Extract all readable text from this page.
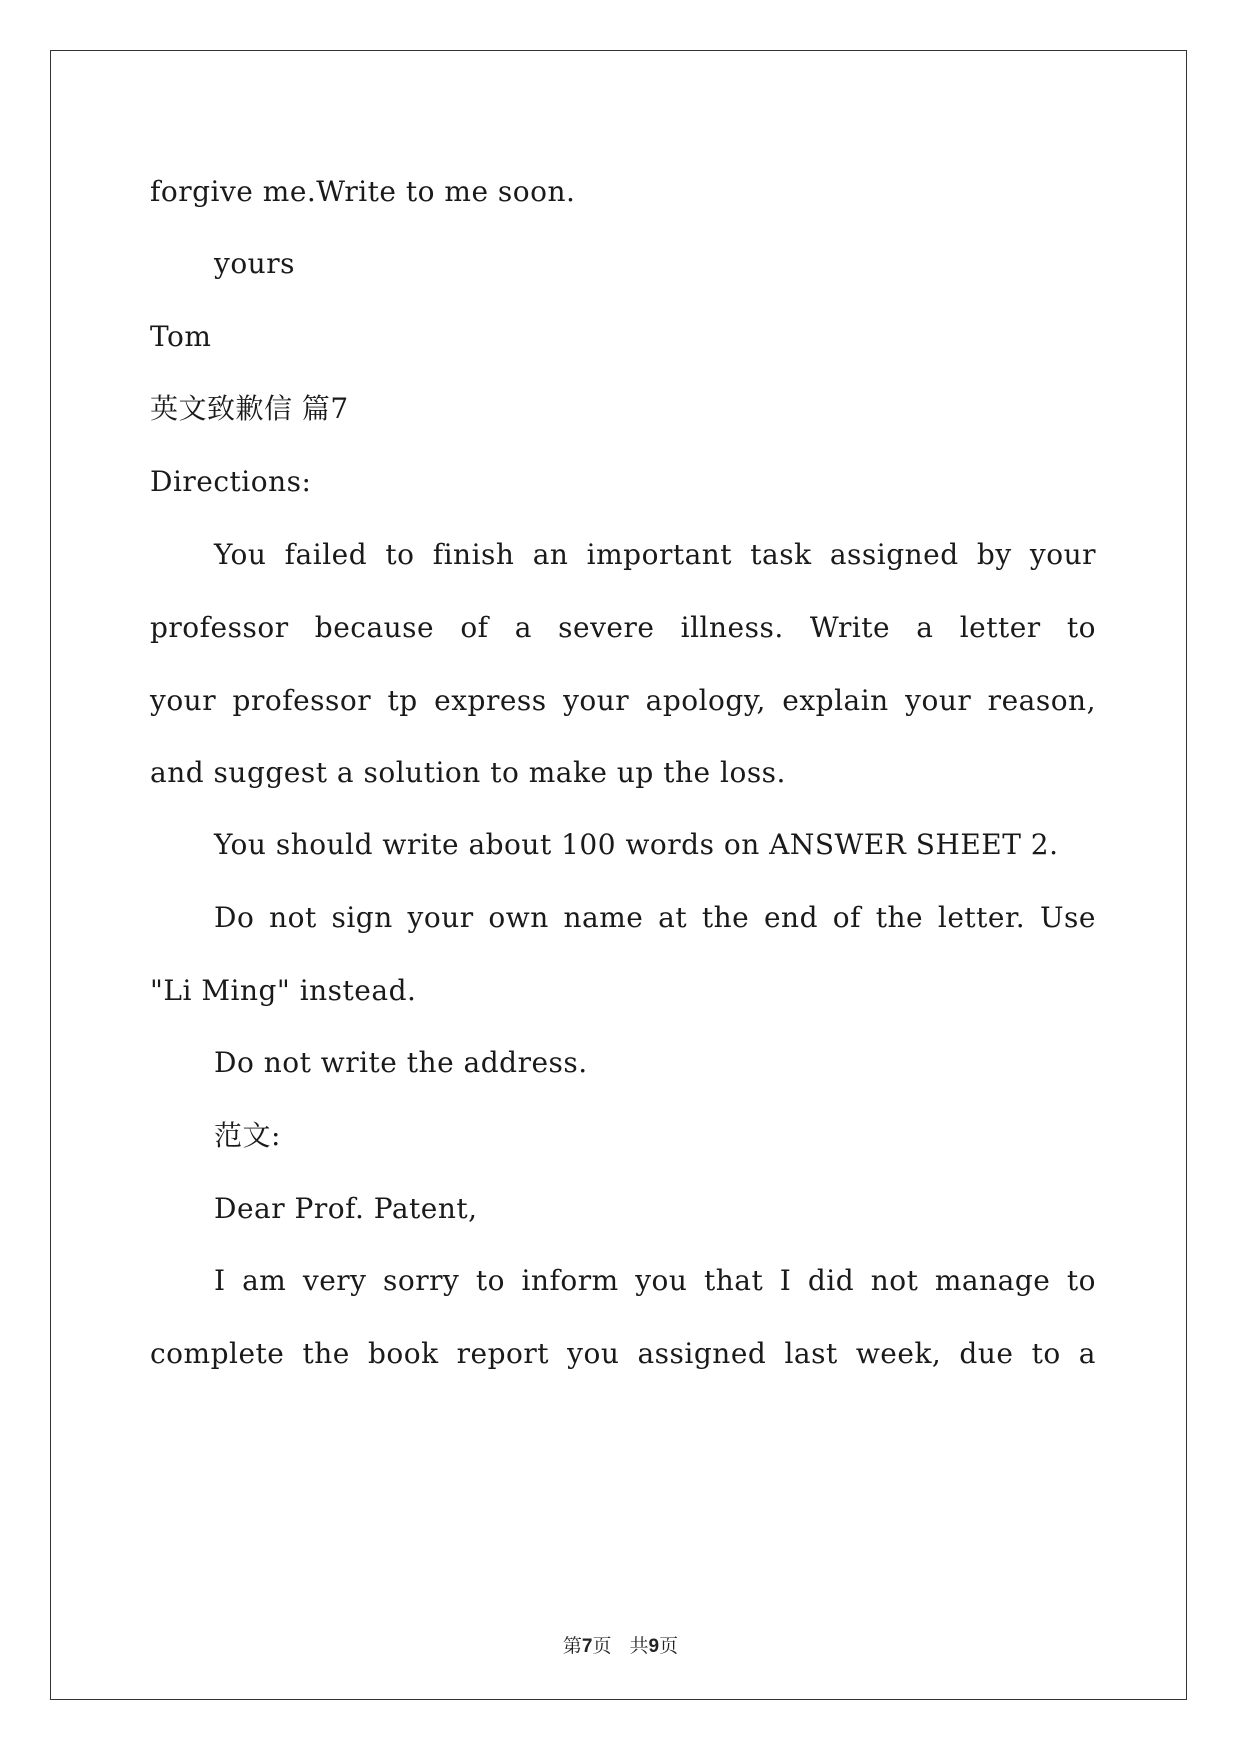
forgive me.Write to me soon.
yours
Tom
英文致歉信 篇7
Directions:
You failed to finish an important task assigned by your
professor because of a severe illness. Write a letter to
your professor tp express your apology, explain your reason,
and suggest a solution to make up the loss.
You should write about 100 words on ANSWER SHEET 2.
Do not sign your own name at the end of the letter. Use
"Li Ming" instead.
Do not write the address.
范文:
Dear Prof. Patent,
I am very sorry to inform you that I did not manage to
complete the book report you assigned last week, due to a
第7页 共9页
